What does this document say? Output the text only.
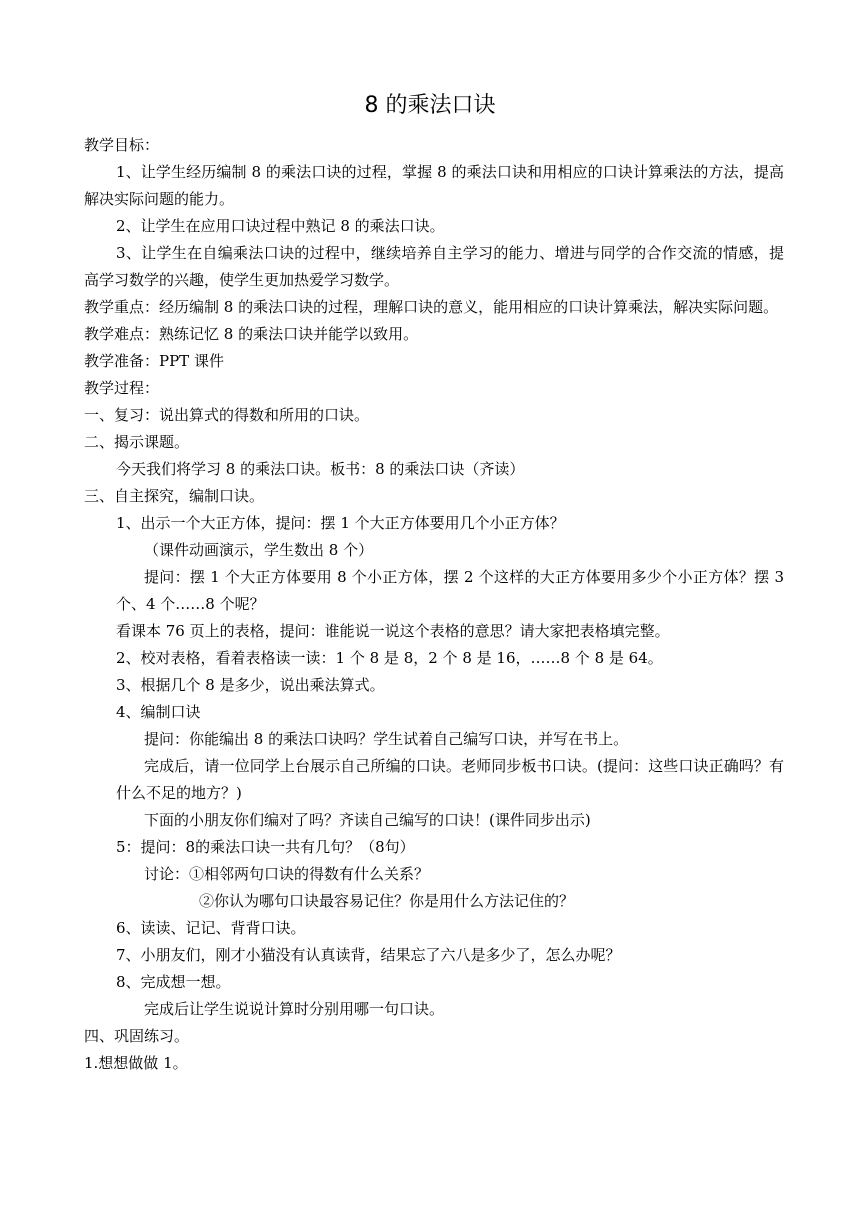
8 的乘法口诀

教学目标：

1、让学生经历编制 8 的乘法口诀的过程，掌握 8 的乘法口诀和用相应的口诀计算乘法的方法，提高解决实际问题的能力。

2、让学生在应用口诀过程中熟记 8 的乘法口诀。

3、让学生在自编乘法口诀的过程中，继续培养自主学习的能力、增进与同学的合作交流的情感，提高学习数学的兴趣，使学生更加热爱学习数学。

教学重点：经历编制 8 的乘法口诀的过程，理解口诀的意义，能用相应的口诀计算乘法，解决实际问题。

教学难点：熟练记忆 8 的乘法口诀并能学以致用。

教学准备：PPT 课件

教学过程：

一、复习：说出算式的得数和所用的口诀。

二、揭示课题。

今天我们将学习 8 的乘法口诀。板书：8 的乘法口诀（齐读）

三、自主探究，编制口诀。

1、出示一个大正方体，提问：摆 1 个大正方体要用几个小正方体？

（课件动画演示，学生数出 8 个）

提问：摆 1 个大正方体要用 8 个小正方体，摆 2 个这样的大正方体要用多少个小正方体？摆 3 个、4 个……8 个呢？

看课本 76 页上的表格，提问：谁能说一说这个表格的意思？请大家把表格填完整。

2、校对表格，看着表格读一读：1 个 8 是 8，2 个 8 是 16，……8 个 8 是 64。

3、根据几个 8 是多少，说出乘法算式。

4、编制口诀

提问：你能编出 8 的乘法口诀吗？学生试着自己编写口诀，并写在书上。

完成后，请一位同学上台展示自己所编的口诀。老师同步板书口诀。(提问：这些口诀正确吗？有什么不足的地方？)

下面的小朋友你们编对了吗？齐读自己编写的口诀！(课件同步出示)

5：提问：8的乘法口诀一共有几句？（8句）

讨论：①相邻两句口诀的得数有什么关系？

②你认为哪句口诀最容易记住？你是用什么方法记住的？

6、读读、记记、背背口诀。

7、小朋友们，刚才小猫没有认真读背，结果忘了六八是多少了，怎么办呢？

8、完成想一想。

完成后让学生说说计算时分别用哪一句口诀。

四、巩固练习。

1.想想做做 1。
